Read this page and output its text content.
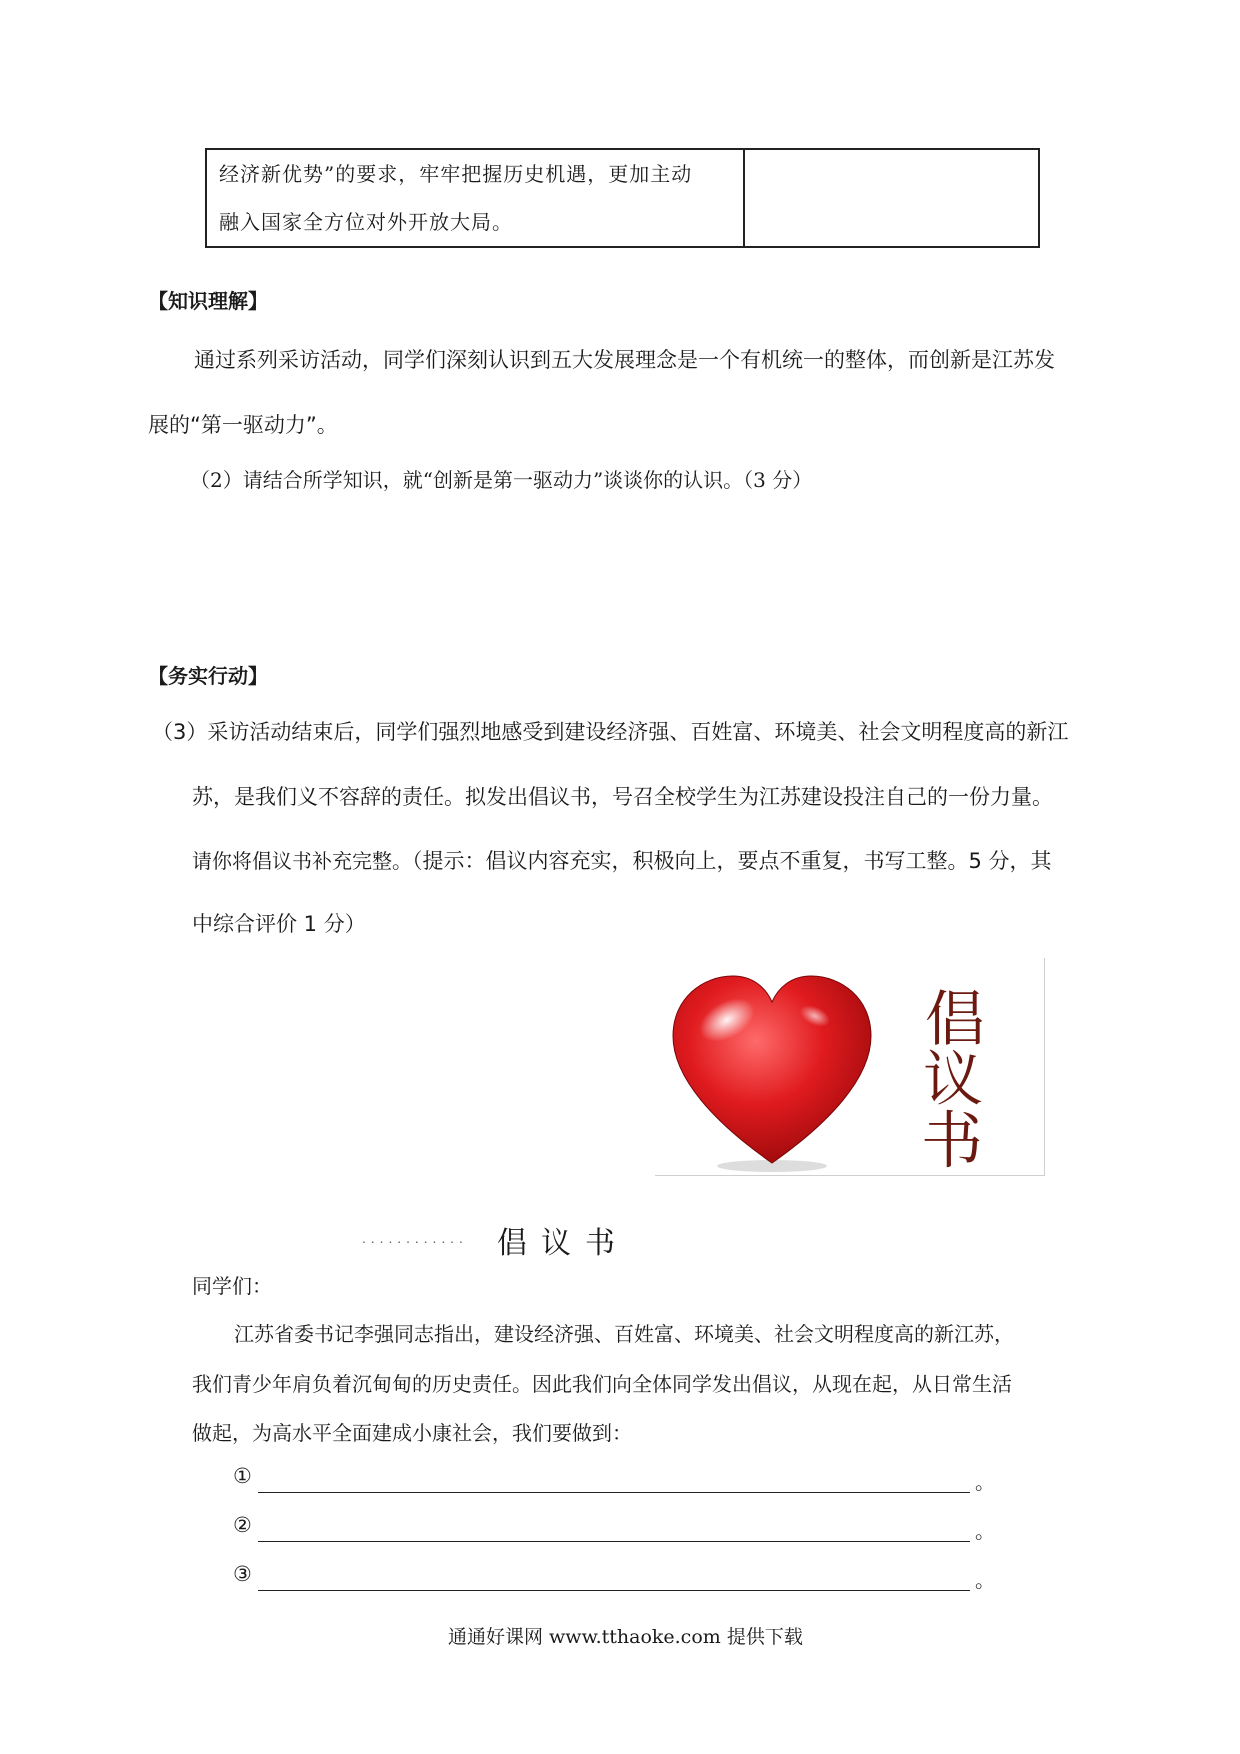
经济新优势”的要求，牢牢把握历史机遇，更加主动
融入国家全方位对外开放大局。
【知识理解】
通过系列采访活动，同学们深刻认识到五大发展理念是一个有机统一的整体，而创新是江苏发
展的“第一驱动力”。
（2）请结合所学知识，就“创新是第一驱动力”谈谈你的认识。（3 分）
【务实行动】
（3）采访活动结束后，同学们强烈地感受到建设经济强、百姓富、环境美、社会文明程度高的新江
苏，是我们义不容辞的责任。拟发出倡议书，号召全校学生为江苏建设投注自己的一份力量。
请你将倡议书补充完整。（提示：倡议内容充实，积极向上，要点不重复，书写工整。5 分，其
中综合评价 1 分）
倡
议
书
............ 倡议书
同学们：
江苏省委书记李强同志指出，建设经济强、百姓富、环境美、社会文明程度高的新江苏，
我们青少年肩负着沉甸甸的历史责任。因此我们向全体同学发出倡议，从现在起，从日常生活
做起，为高水平全面建成小康社会，我们要做到：
①	。
②	。
③	。
通通好课网 www.tthaoke.com 提供下载
